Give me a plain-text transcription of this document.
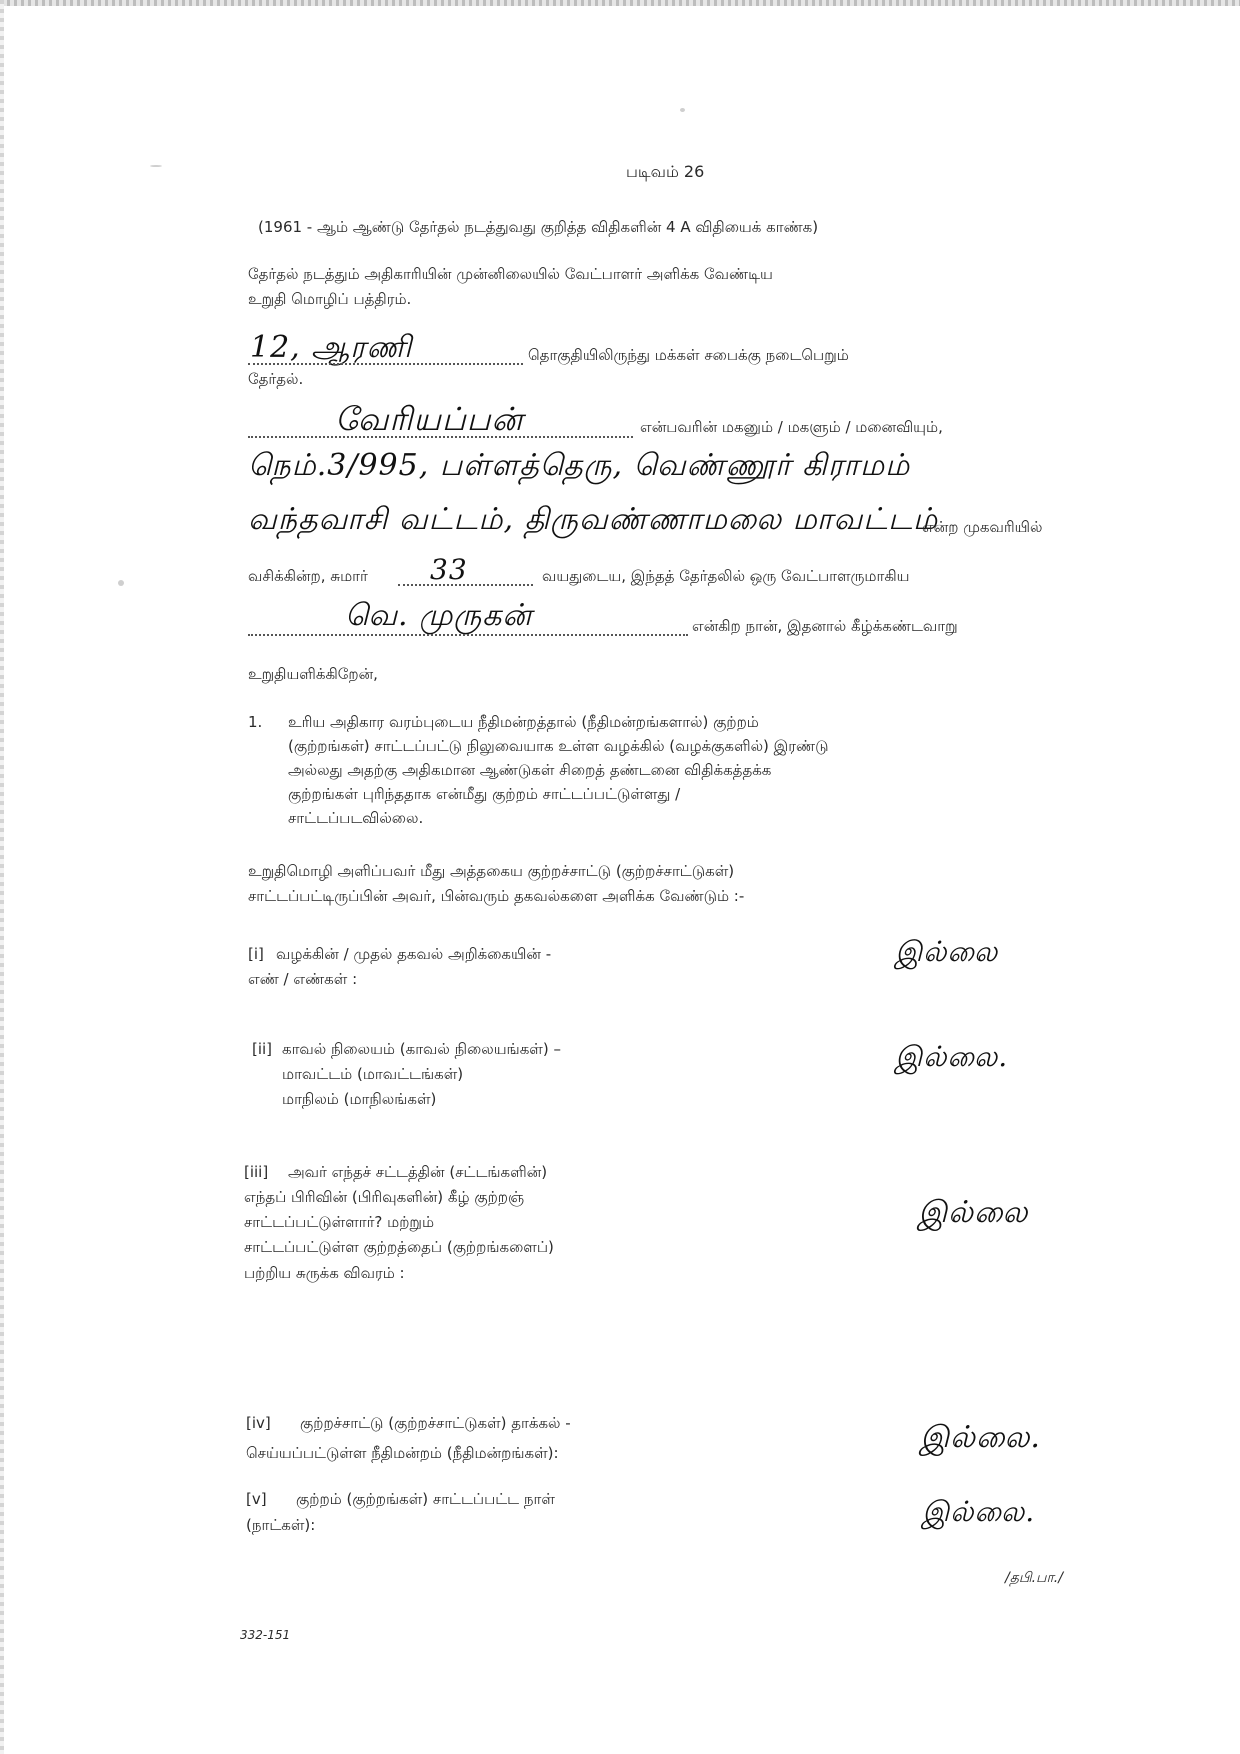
படிவம் 26
(1961 - ஆம் ஆண்டு தேர்தல் நடத்துவது குறித்த விதிகளின் 4 A விதியைக் காண்க)
தேர்தல் நடத்தும் அதிகாரியின் முன்னிலையில் வேட்பாளர் அளிக்க வேண்டிய
உறுதி மொழிப் பத்திரம்.
12, ஆரணி	தொகுதியிலிருந்து மக்கள் சபைக்கு நடைபெறும்
தேர்தல்.
வேரியப்பன்	என்பவரின் மகனும் / மகளும் / மனைவியும்,
நெம்.3/995, பள்ளத்தெரு, வெண்ணூர் கிராமம்
வந்தவாசி வட்டம், திருவண்ணாமலை மாவட்டம்
என்ற முகவரியில்
வசிக்கின்ற, சுமார் 33	வயதுடைய, இந்தத் தேர்தலில் ஒரு வேட்பாளருமாகிய
வெ. முருகன்	என்கிற நான், இதனால் கீழ்க்கண்டவாறு
உறுதியளிக்கிறேன்,
1. உரிய அதிகார வரம்புடைய நீதிமன்றத்தால் (நீதிமன்றங்களால்) குற்றம்
(குற்றங்கள்) சாட்டப்பட்டு நிலுவையாக உள்ள வழக்கில் (வழக்குகளில்) இரண்டு
அல்லது அதற்கு அதிகமான ஆண்டுகள் சிறைத் தண்டனை விதிக்கத்தக்க
குற்றங்கள் புரிந்ததாக என்மீது குற்றம் சாட்டப்பட்டுள்ளது /
சாட்டப்படவில்லை.
உறுதிமொழி அளிப்பவர் மீது அத்தகைய குற்றச்சாட்டு (குற்றச்சாட்டுகள்)
சாட்டப்பட்டிருப்பின் அவர், பின்வரும் தகவல்களை அளிக்க வேண்டும் :-
[i] வழக்கின் / முதல் தகவல் அறிக்கையின் -
எண் / எண்கள் :
இல்லை
[ii] காவல் நிலையம் (காவல் நிலையங்கள்) –
மாவட்டம் (மாவட்டங்கள்)
மாநிலம் (மாநிலங்கள்)
இல்லை.
[iii] அவர் எந்தச் சட்டத்தின் (சட்டங்களின்)
எந்தப் பிரிவின் (பிரிவுகளின்) கீழ் குற்றஞ்
சாட்டப்பட்டுள்ளார்? மற்றும்
சாட்டப்பட்டுள்ள குற்றத்தைப் (குற்றங்களைப்)
பற்றிய சுருக்க விவரம் :
இல்லை
[iv] குற்றச்சாட்டு (குற்றச்சாட்டுகள்) தாக்கல் -
செய்யப்பட்டுள்ள நீதிமன்றம் (நீதிமன்றங்கள்):	இல்லை.
[v] குற்றம் (குற்றங்கள்) சாட்டப்பட்ட நாள்
(நாட்கள்):	இல்லை.
/தபி.பா./
332-151
